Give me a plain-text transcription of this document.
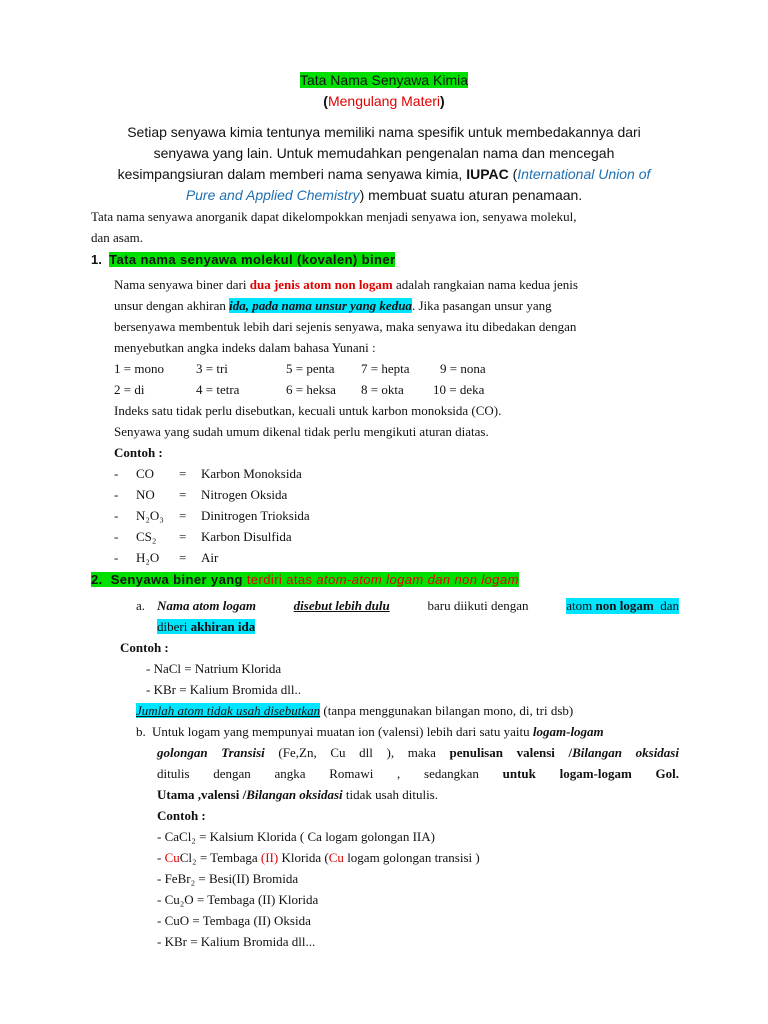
Tata Nama Senyawa Kimia
(Mengulang Materi)
Setiap senyawa kimia tentunya memiliki nama spesifik untuk membedakannya dari
senyawa yang lain. Untuk memudahkan pengenalan nama dan mencegah
kesimpangsiuran dalam memberi nama senyawa kimia, IUPAC (International Union of
Pure and Applied Chemistry) membuat suatu aturan penamaan.
Tata nama senyawa anorganik dapat dikelompokkan menjadi senyawa ion, senyawa molekul,
dan asam.
1. Tata nama senyawa molekul (kovalen) biner
Nama senyawa biner dari dua jenis atom non logam adalah rangkaian nama kedua jenis
unsur dengan akhiran ida, pada nama unsur yang kedua. Jika pasangan unsur yang
bersenyawa membentuk lebih dari sejenis senyawa, maka senyawa itu dibedakan dengan
menyebutkan angka indeks dalam bahasa Yunani :
1 = mono 3 = tri	5 = penta 7 = hepta 9 = nona
2 = di	4 = tetra	6 = heksa 8 = okta 10 = deka
Indeks satu tidak perlu disebutkan, kecuali untuk karbon monoksida (CO).
Senyawa yang sudah umum dikenal tidak perlu mengikuti aturan diatas.
Contoh :
- CO = Karbon Monoksida
- NO = Nitrogen Oksida
- N₂O₃ = Dinitrogen Trioksida
- CS₂ = Karbon Disulfida
- H₂O = Air
2. Senyawa biner yang terdiri atas atom-atom logam dan non logam
a. Nama atom logam	disebut lebih dulu	baru diikuti dengan	atom non logam dan
diberi akhiran ida
Contoh :
- NaCl = Natrium Klorida
- KBr = Kalium Bromida dll..
Jumlah atom tidak usah disebutkan (tanpa menggunakan bilangan mono, di, tri dsb)
b. Untuk logam yang mempunyai muatan ion (valensi) lebih dari satu yaitu logam-logam
golongan Transisi (Fe,Zn, Cu dll ), maka penulisan valensi /Bilangan oksidasi
ditulis dengan angka Romawi , sedangkan untuk logam-logam Gol.
Utama ,valensi /Bilangan oksidasi tidak usah ditulis.
Contoh :
- CaCl₂ = Kalsium Klorida ( Ca logam golongan IIA)
- CuCl₂ = Tembaga (II) Klorida (Cu logam golongan transisi )
- FeBr₂ = Besi(II) Bromida
- Cu₂O = Tembaga (II) Klorida
- CuO = Tembaga (II) Oksida
- KBr = Kalium Bromida dll...
